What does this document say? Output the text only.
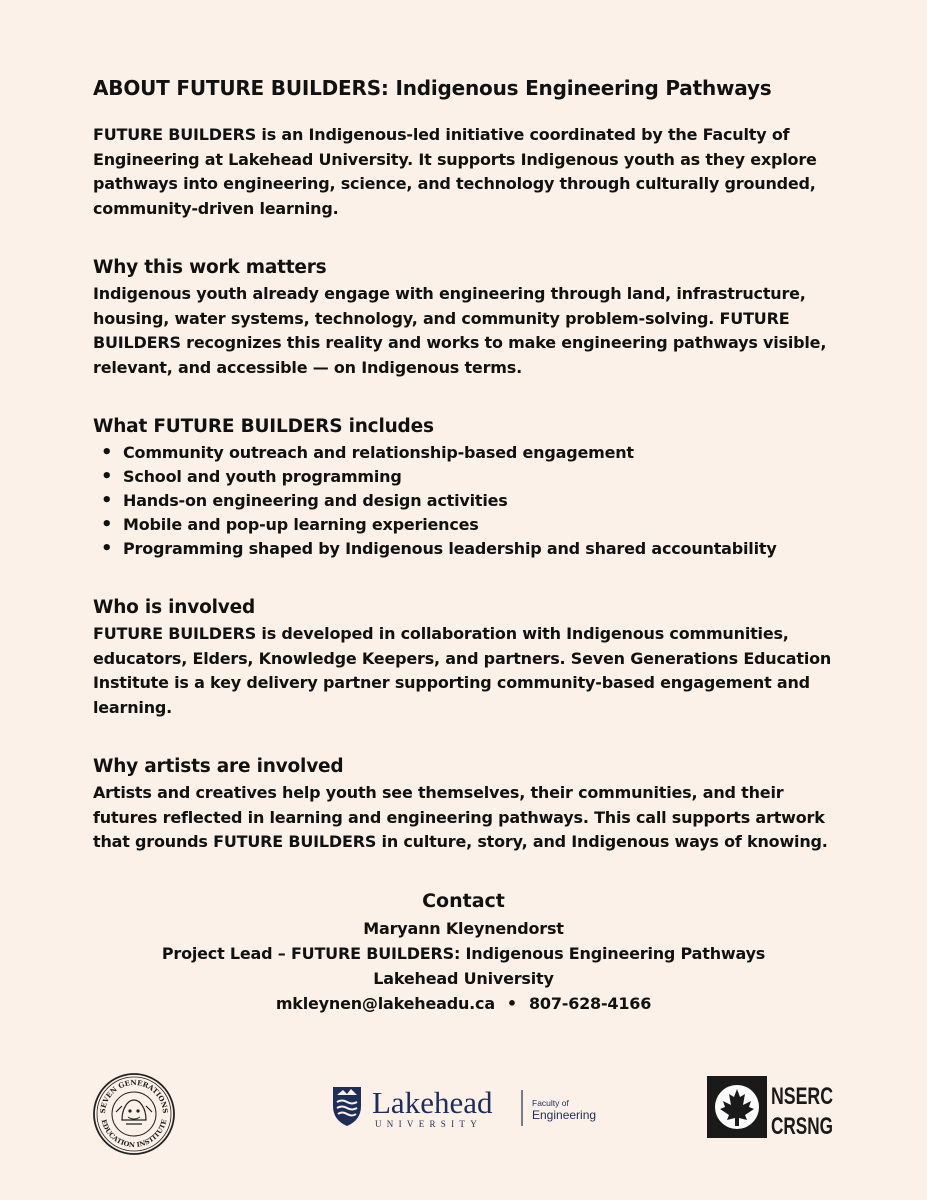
ABOUT FUTURE BUILDERS: Indigenous Engineering Pathways

FUTURE BUILDERS is an Indigenous-led initiative coordinated by the Faculty of Engineering at Lakehead University. It supports Indigenous youth as they explore pathways into engineering, science, and technology through culturally grounded, community-driven learning.

Why this work matters

Indigenous youth already engage with engineering through land, infrastructure, housing, water systems, technology, and community problem-solving. FUTURE BUILDERS recognizes this reality and works to make engineering pathways visible, relevant, and accessible — on Indigenous terms.

What FUTURE BUILDERS includes
• Community outreach and relationship-based engagement
• School and youth programming
• Hands-on engineering and design activities
• Mobile and pop-up learning experiences
• Programming shaped by Indigenous leadership and shared accountability
Who is involved

FUTURE BUILDERS is developed in collaboration with Indigenous communities, educators, Elders, Knowledge Keepers, and partners. Seven Generations Education Institute is a key delivery partner supporting community-based engagement and learning.

Why artists are involved

Artists and creatives help youth see themselves, their communities, and their futures reflected in learning and engineering pathways. This call supports artwork that grounds FUTURE BUILDERS in culture, story, and Indigenous ways of knowing.

Contact
Maryann Kleynendorst
Project Lead – FUTURE BUILDERS: Indigenous Engineering Pathways
Lakehead University
mkleynen@lakeheadu.ca • 807-628-4166
SEVEN GENERATIONS
EDUCATION INSTITUTE
Lakehead
UNIVERSITY
Faculty of
Engineering
NSERC
CRSNG
